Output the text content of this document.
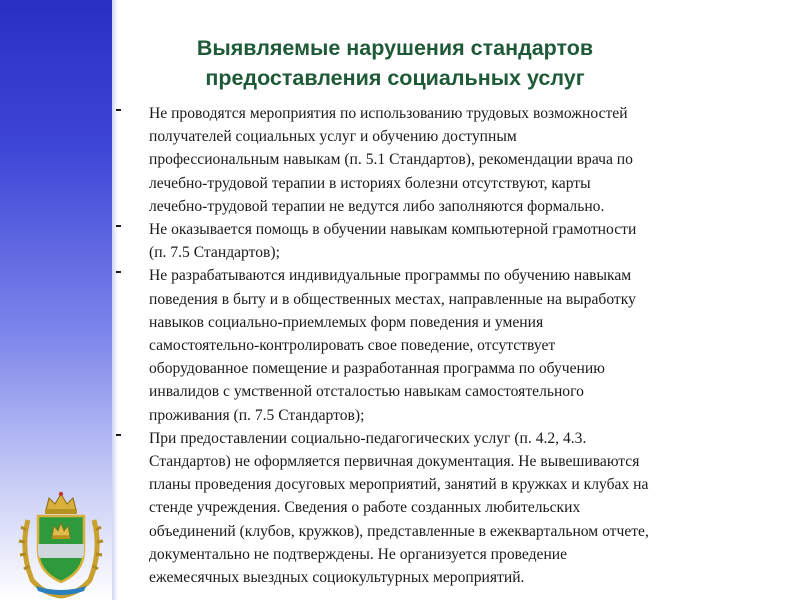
Выявляемые нарушения стандартов
предоставления социальных услуг
Не проводятся мероприятия по использованию трудовых возможностей
получателей социальных услуг и обучению доступным
профессиональным навыкам (п. 5.1 Стандартов), рекомендации врача по
лечебно-трудовой терапии в историях болезни отсутствуют, карты
лечебно-трудовой терапии не ведутся либо заполняются формально.
Не оказывается помощь в обучении навыкам компьютерной грамотности
(п. 7.5 Стандартов);
Не разрабатываются индивидуальные программы по обучению навыкам
поведения в быту и в общественных местах, направленные на выработку
навыков социально-приемлемых форм поведения и умения
самостоятельно-контролировать свое поведение, отсутствует
оборудованное помещение и разработанная программа по обучению
инвалидов с умственной отсталостью навыкам самостоятельного
проживания (п. 7.5 Стандартов);
При предоставлении социально-педагогических услуг (п. 4.2, 4.3.
Стандартов) не оформляется первичная документация. Не вывешиваются
планы проведения досуговых мероприятий, занятий в кружках и клубах на
стенде учреждения. Сведения о работе созданных любительских
объединений (клубов, кружков), представленные в ежеквартальном отчете,
документально не подтверждены. Не организуется проведение
ежемесячных выездных социокультурных мероприятий.
